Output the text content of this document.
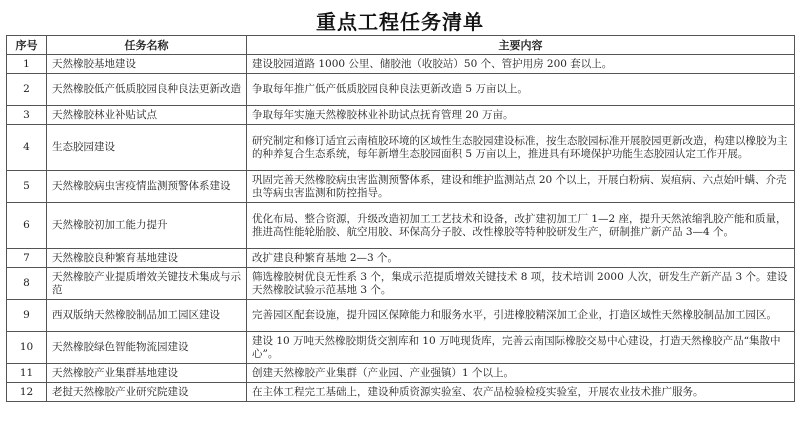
重点工程任务清单
序号	任务名称	主要内容
1	天然橡胶基地建设	建设胶园道路 1000 公里、储胶池（收胶站）50 个、管护用房 200 套以上。
2	天然橡胶低产低质胶园良种良法更新改造	争取每年推广低产低质胶园良种良法更新改造 5 万亩以上。
3	天然橡胶林业补贴试点	争取每年实施天然橡胶林业补助试点抚育管理 20 万亩。
4	生态胶园建设	研究制定和修订适宜云南植胶环境的区域性生态胶园建设标准，按生态胶园标准开展胶园更新改造，构建以橡胶为主的种养复合生态系统，每年新增生态胶园面积 5 万亩以上，推进具有环境保护功能生态胶园认定工作开展。
5	天然橡胶病虫害疫情监测预警体系建设	巩固完善天然橡胶病虫害监测预警体系，建设和维护监测站点 20 个以上，开展白粉病、炭疽病、六点始叶螨、介壳虫等病虫害监测和防控指导。
6	天然橡胶初加工能力提升	优化布局、整合资源，升级改造初加工工艺技术和设备，改扩建初加工厂 1—2 座，提升天然浓缩乳胶产能和质量，推进高性能轮胎胶、航空用胶、环保高分子胶、改性橡胶等特种胶研发生产，研制推广新产品 3—4 个。
7	天然橡胶良种繁育基地建设	改扩建良种繁育基地 2—3 个。
8	天然橡胶产业提质增效关键技术集成与示范	筛选橡胶树优良无性系 3 个，集成示范提质增效关键技术 8 项，技术培训 2000 人次，研发生产新产品 3 个。建设天然橡胶试验示范基地 3 个。
9	西双版纳天然橡胶制品加工园区建设	完善园区配套设施，提升园区保障能力和服务水平，引进橡胶精深加工企业，打造区域性天然橡胶制品加工园区。
10	天然橡胶绿色智能物流园建设	建设 10 万吨天然橡胶期货交割库和 10 万吨现货库，完善云南国际橡胶交易中心建设，打造天然橡胶产品“集散中心”。
11	天然橡胶产业集群基地建设	创建天然橡胶产业集群（产业园、产业强镇）1 个以上。
12	老挝天然橡胶产业研究院建设	在主体工程完工基础上，建设种质资源实验室、农产品检验检疫实验室，开展农业技术推广服务。
